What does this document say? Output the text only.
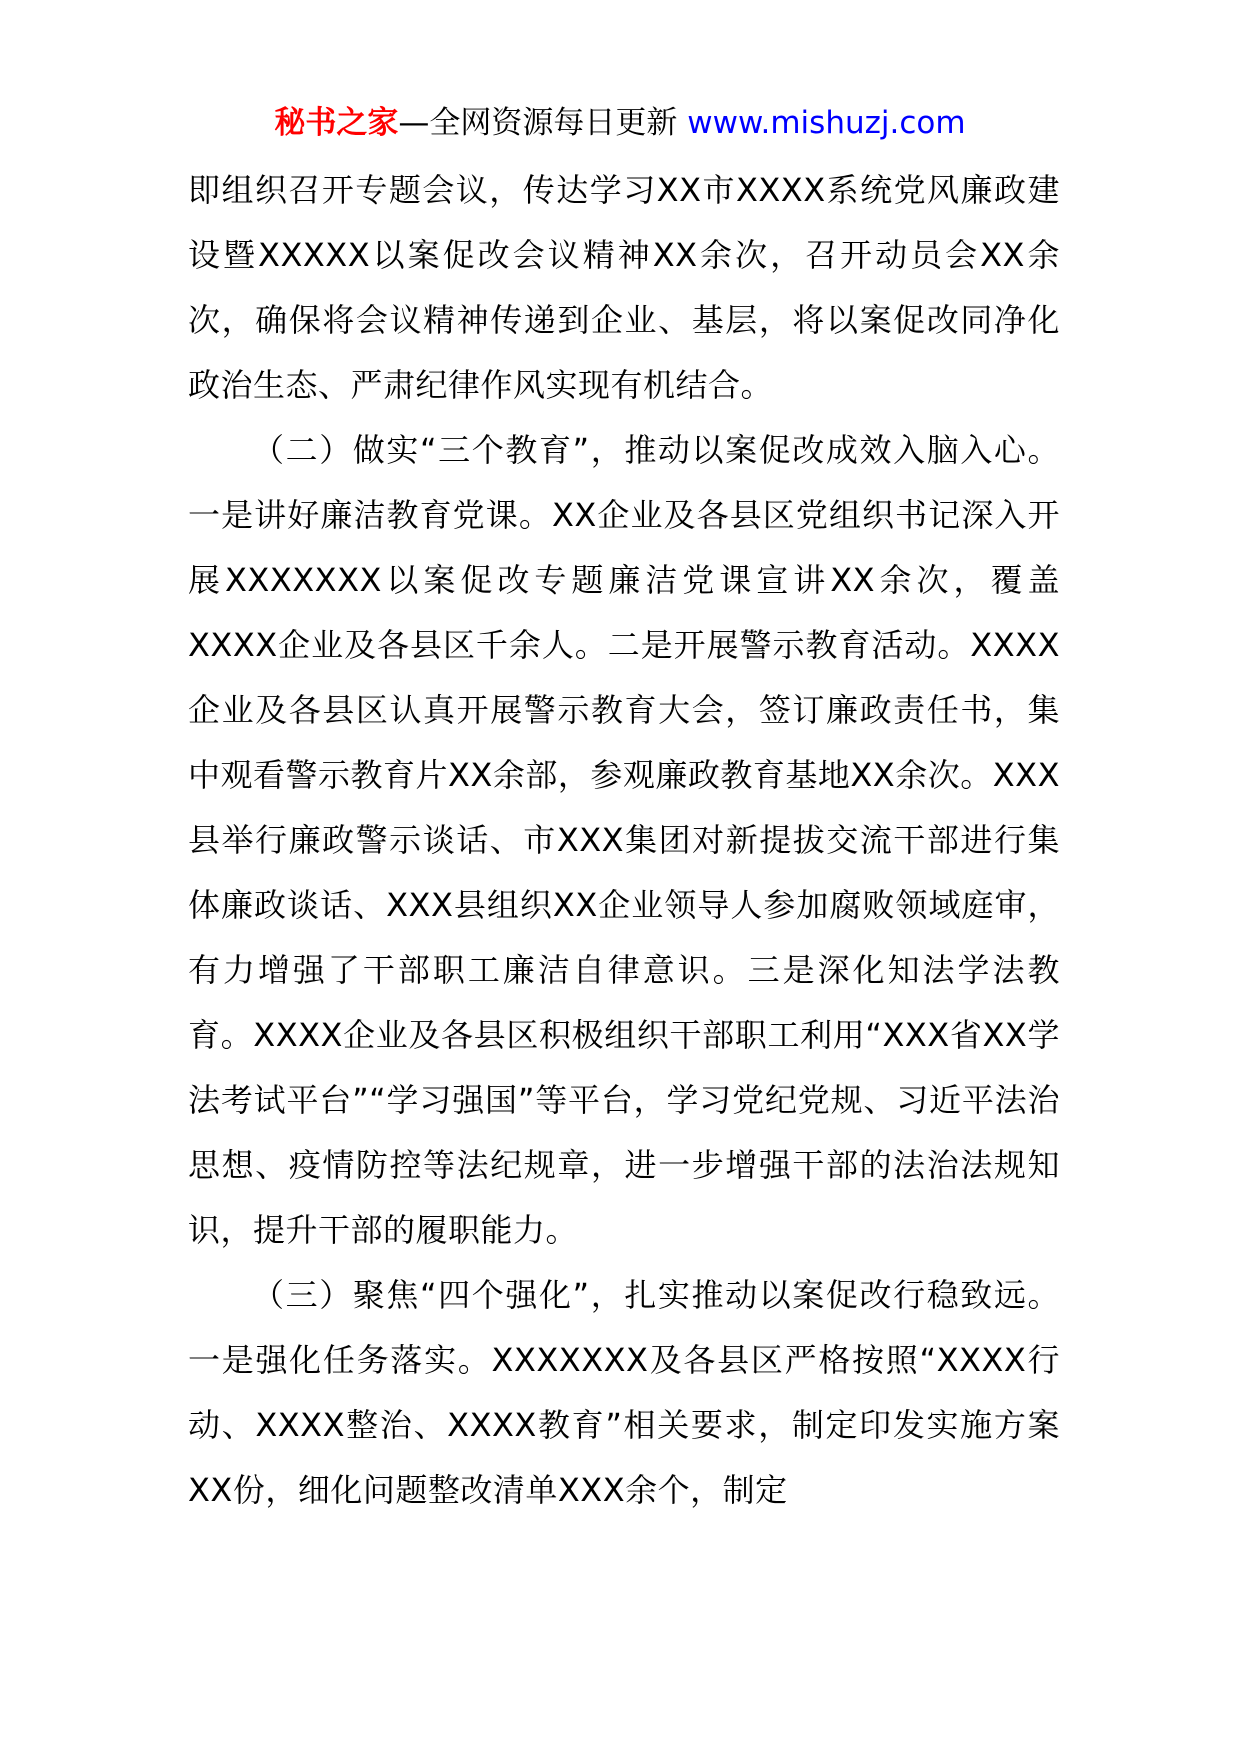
秘书之家—全网资源每日更新 www.mishuzj.com

即组织召开专题会议，传达学习XX市XXXX系统党风廉政建设暨XXXXX以案促改会议精神XX余次，召开动员会XX余次，确保将会议精神传递到企业、基层，将以案促改同净化政治生态、严肃纪律作风实现有机结合。

（二）做实“三个教育”，推动以案促改成效入脑入心。一是讲好廉洁教育党课。XX企业及各县区党组织书记深入开展XXXXXXX以案促改专题廉洁党课宣讲XX余次，覆盖XXXX企业及各县区千余人。二是开展警示教育活动。XXXX企业及各县区认真开展警示教育大会，签订廉政责任书，集中观看警示教育片XX余部，参观廉政教育基地XX余次。XXX县举行廉政警示谈话、市XXX集团对新提拔交流干部进行集体廉政谈话、XXX县组织XX企业领导人参加腐败领域庭审，有力增强了干部职工廉洁自律意识。三是深化知法学法教育。XXXX企业及各县区积极组织干部职工利用“XXX省XX学法考试平台”“学习强国”等平台，学习党纪党规、习近平法治思想、疫情防控等法纪规章，进一步增强干部的法治法规知识，提升干部的履职能力。

（三）聚焦“四个强化”，扎实推动以案促改行稳致远。一是强化任务落实。XXXXXXX及各县区严格按照“XXXX行动、XXXX整治、XXXX教育”相关要求，制定印发实施方案XX份，细化问题整改清单XXX余个，制定
